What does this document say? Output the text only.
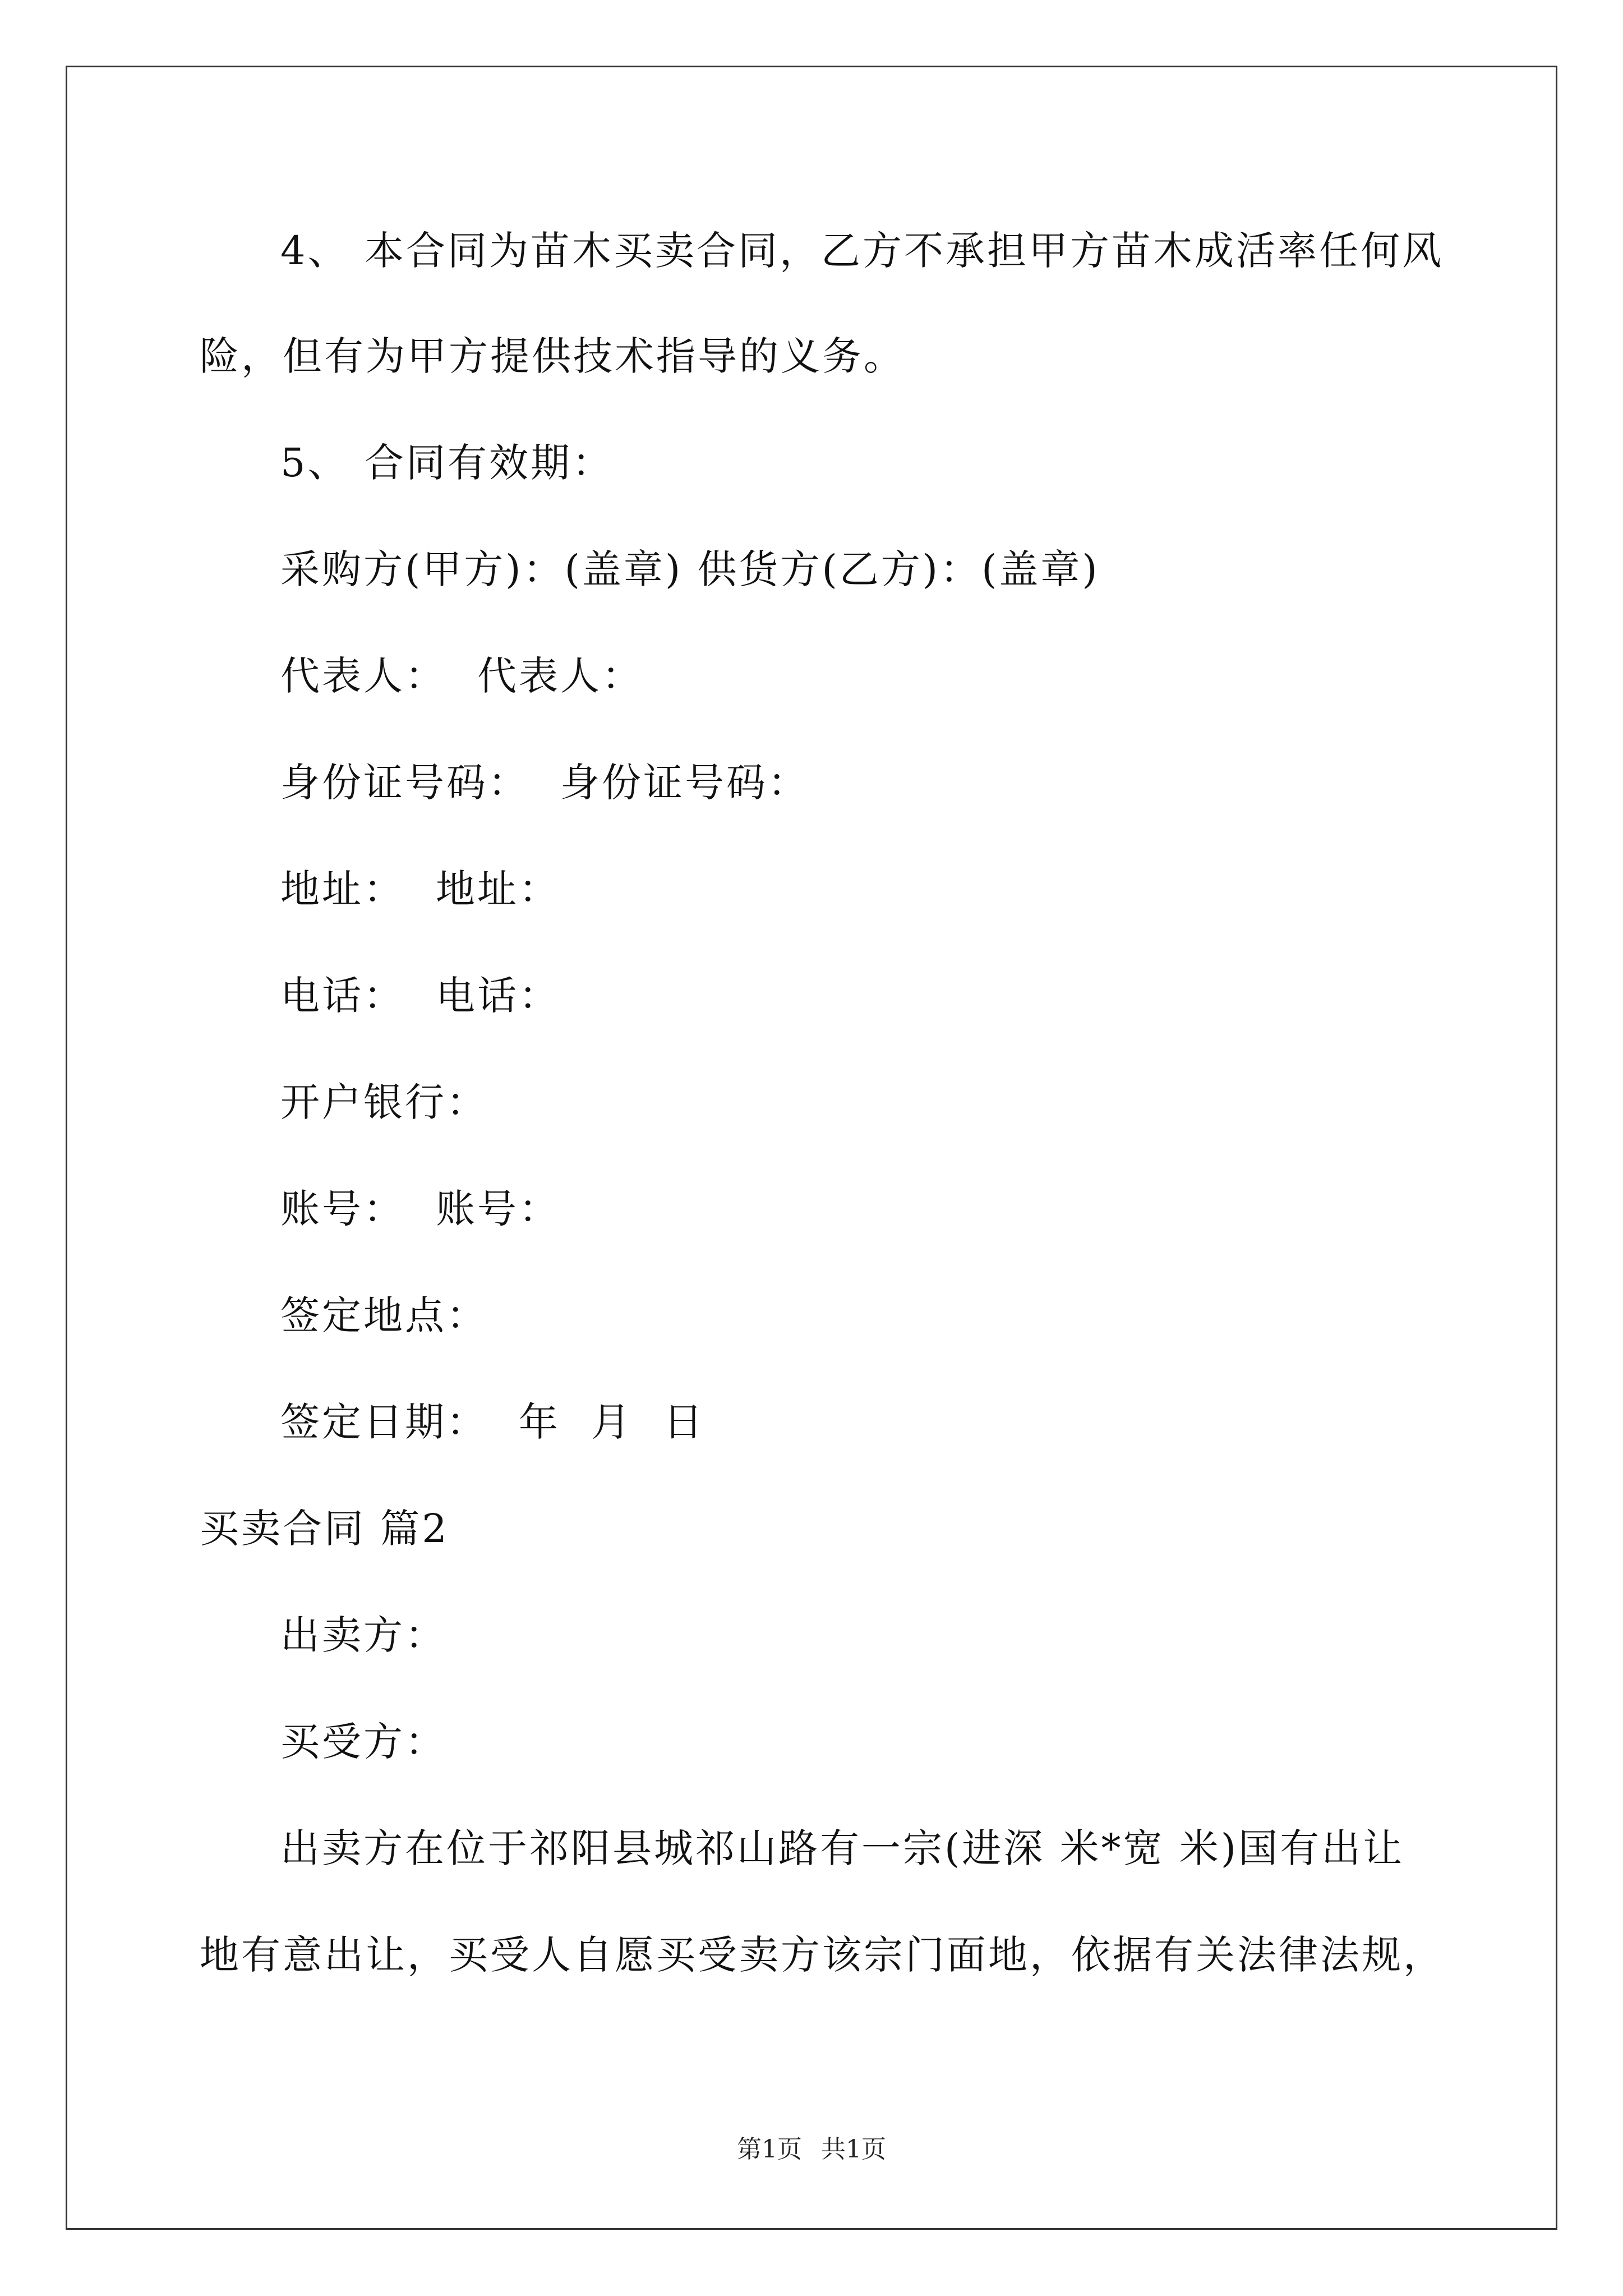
4、 本合同为苗木买卖合同，乙方不承担甲方苗木成活率任何风
险，但有为甲方提供技术指导的义务。
5、 合同有效期：
采购方(甲方)：(盖章) 供货方(乙方)：(盖章)
代表人： 代表人：
身份证号码： 身份证号码：
地址： 地址：
电话： 电话：
开户银行：
账号： 账号：
签定地点：
签定日期： 年 月 日
买卖合同 篇2
出卖方：
买受方：
出卖方在位于祁阳县城祁山路有一宗(进深 米*宽 米)国有出让
地有意出让，买受人自愿买受卖方该宗门面地，依据有关法律法规，
第1页 共1页
